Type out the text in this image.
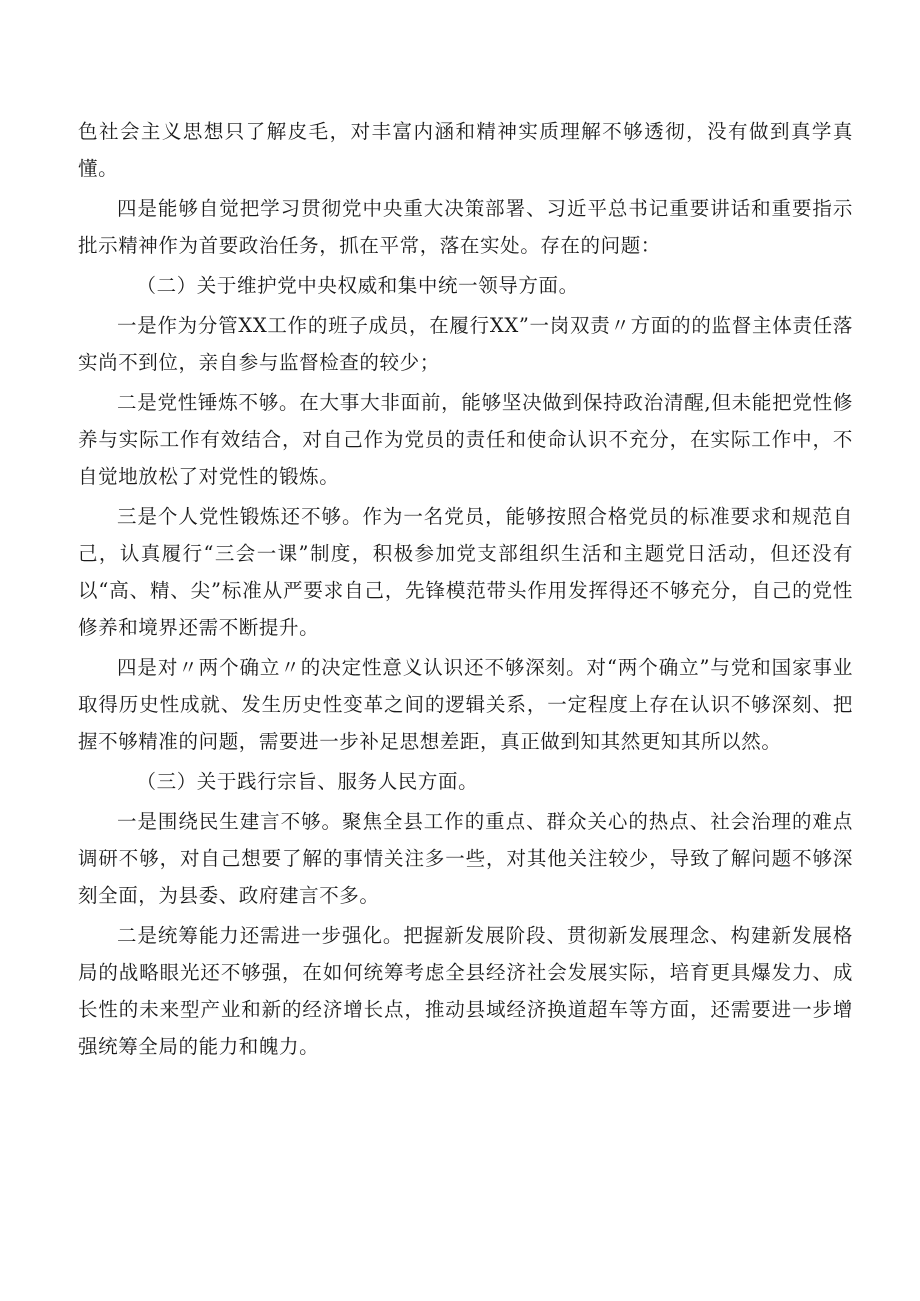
色社会主义思想只了解皮毛，对丰富内涵和精神实质理解不够透彻，没有做到真学真懂。

四是能够自觉把学习贯彻党中央重大决策部署、习近平总书记重要讲话和重要指示批示精神作为首要政治任务，抓在平常，落在实处。存在的问题：

（二）关于维护党中央权威和集中统一领导方面。

一是作为分管XX工作的班子成员，在履行XX”一岗双责〃方面的的监督主体责任落实尚不到位，亲自参与监督检查的较少；

二是党性锤炼不够。在大事大非面前，能够坚决做到保持政治清醒,但未能把党性修养与实际工作有效结合，对自己作为党员的责任和使命认识不充分，在实际工作中，不自觉地放松了对党性的锻炼。

三是个人党性锻炼还不够。作为一名党员，能够按照合格党员的标准要求和规范自己，认真履行“三会一课”制度，积极参加党支部组织生活和主题党日活动，但还没有以“高、精、尖”标准从严要求自己，先锋模范带头作用发挥得还不够充分，自己的党性修养和境界还需不断提升。

四是对〃两个确立〃的决定性意义认识还不够深刻。对“两个确立”与党和国家事业取得历史性成就、发生历史性变革之间的逻辑关系，一定程度上存在认识不够深刻、把握不够精准的问题，需要进一步补足思想差距，真正做到知其然更知其所以然。

（三）关于践行宗旨、服务人民方面。

一是围绕民生建言不够。聚焦全县工作的重点、群众关心的热点、社会治理的难点调研不够，对自己想要了解的事情关注多一些，对其他关注较少，导致了解问题不够深刻全面，为县委、政府建言不多。

二是统筹能力还需进一步强化。把握新发展阶段、贯彻新发展理念、构建新发展格局的战略眼光还不够强，在如何统筹考虑全县经济社会发展实际，培育更具爆发力、成长性的未来型产业和新的经济增长点，推动县域经济换道超车等方面，还需要进一步增强统筹全局的能力和魄力。
